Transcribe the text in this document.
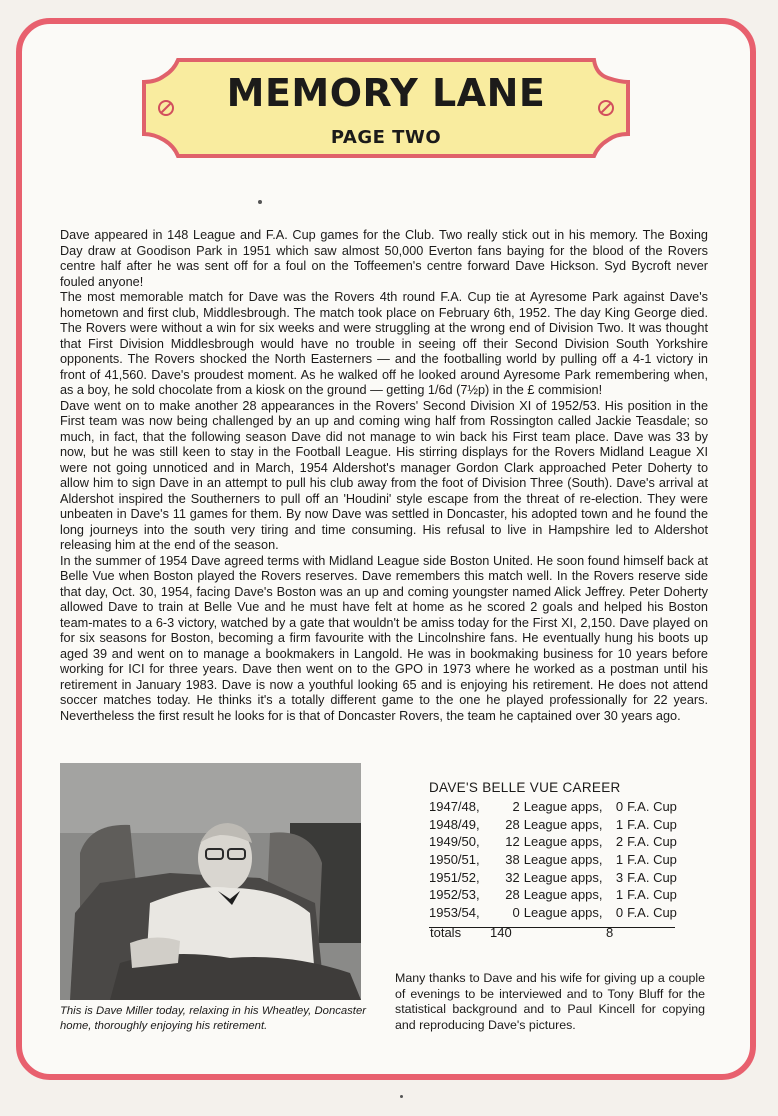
MEMORY LANE
PAGE TWO

Dave appeared in 148 League and F.A. Cup games for the Club. Two really stick out in his memory. The Boxing Day draw at Goodison Park in 1951 which saw almost 50,000 Everton fans baying for the blood of the Rovers centre half after he was sent off for a foul on the Toffeemen's centre forward Dave Hickson. Syd Bycroft never fouled anyone!

The most memorable match for Dave was the Rovers 4th round F.A. Cup tie at Ayresome Park against Dave's hometown and first club, Middlesbrough. The match took place on February 6th, 1952. The day King George died. The Rovers were without a win for six weeks and were struggling at the wrong end of Division Two. It was thought that First Division Middlesbrough would have no trouble in seeing off their Second Division South Yorkshire opponents. The Rovers shocked the North Easterners — and the footballing world by pulling off a 4-1 victory in front of 41,560. Dave's proudest moment. As he walked off he looked around Ayresome Park remembering when, as a boy, he sold chocolate from a kiosk on the ground — getting 1/6d (7½p) in the £ commision!

Dave went on to make another 28 appearances in the Rovers' Second Division XI of 1952/53. His position in the First team was now being challenged by an up and coming wing half from Rossington called Jackie Teasdale; so much, in fact, that the following season Dave did not manage to win back his First team place. Dave was 33 by now, but he was still keen to stay in the Football League. His stirring displays for the Rovers Midland League XI were not going unnoticed and in March, 1954 Aldershot's manager Gordon Clark approached Peter Doherty to allow him to sign Dave in an attempt to pull his club away from the foot of Division Three (South). Dave's arrival at Aldershot inspired the Southerners to pull off an 'Houdini' style escape from the threat of re-election. They were unbeaten in Dave's 11 games for them. By now Dave was settled in Doncaster, his adopted town and he found the long journeys into the south very tiring and time consuming. His refusal to live in Hampshire led to Aldershot releasing him at the end of the season.

In the summer of 1954 Dave agreed terms with Midland League side Boston United. He soon found himself back at Belle Vue when Boston played the Rovers reserves. Dave remembers this match well. In the Rovers reserve side that day, Oct. 30, 1954, facing Dave's Boston was an up and coming youngster named Alick Jeffrey. Peter Doherty allowed Dave to train at Belle Vue and he must have felt at home as he scored 2 goals and helped his Boston team-mates to a 6-3 victory, watched by a gate that wouldn't be amiss today for the First XI, 2,150. Dave played on for six seasons for Boston, becoming a firm favourite with the Lincolnshire fans. He eventually hung his boots up aged 39 and went on to manage a bookmakers in Langold. He was in bookmaking business for 10 years before working for ICI for three years. Dave then went on to the GPO in 1973 where he worked as a postman until his retirement in January 1983. Dave is now a youthful looking 65 and is enjoying his retirement. He does not attend soccer matches today. He thinks it's a totally different game to the one he played professionally for 22 years. Nevertheless the first result he looks for is that of Doncaster Rovers, the team he captained over 30 years ago.

This is Dave Miller today, relaxing in his Wheatley, Doncaster home, thoroughly enjoying his retirement.
DAVE'S BELLE VUE CAREER
1947/48,	2	League apps,	0	F.A. Cup
1948/49,	28	League apps,	1	F.A. Cup
1949/50,	12	League apps,	2	F.A. Cup
1950/51,	38	League apps,	1	F.A. Cup
1951/52,	32	League apps,	3	F.A. Cup
1952/53,	28	League apps,	1	F.A. Cup
1953/54,	0	League apps,	0	F.A. Cup
totals 140	8
Many thanks to Dave and his wife for giving up a couple of evenings to be interviewed and to Tony Bluff for the statistical background and to Paul Kincell for copying and reproducing Dave's pictures.
